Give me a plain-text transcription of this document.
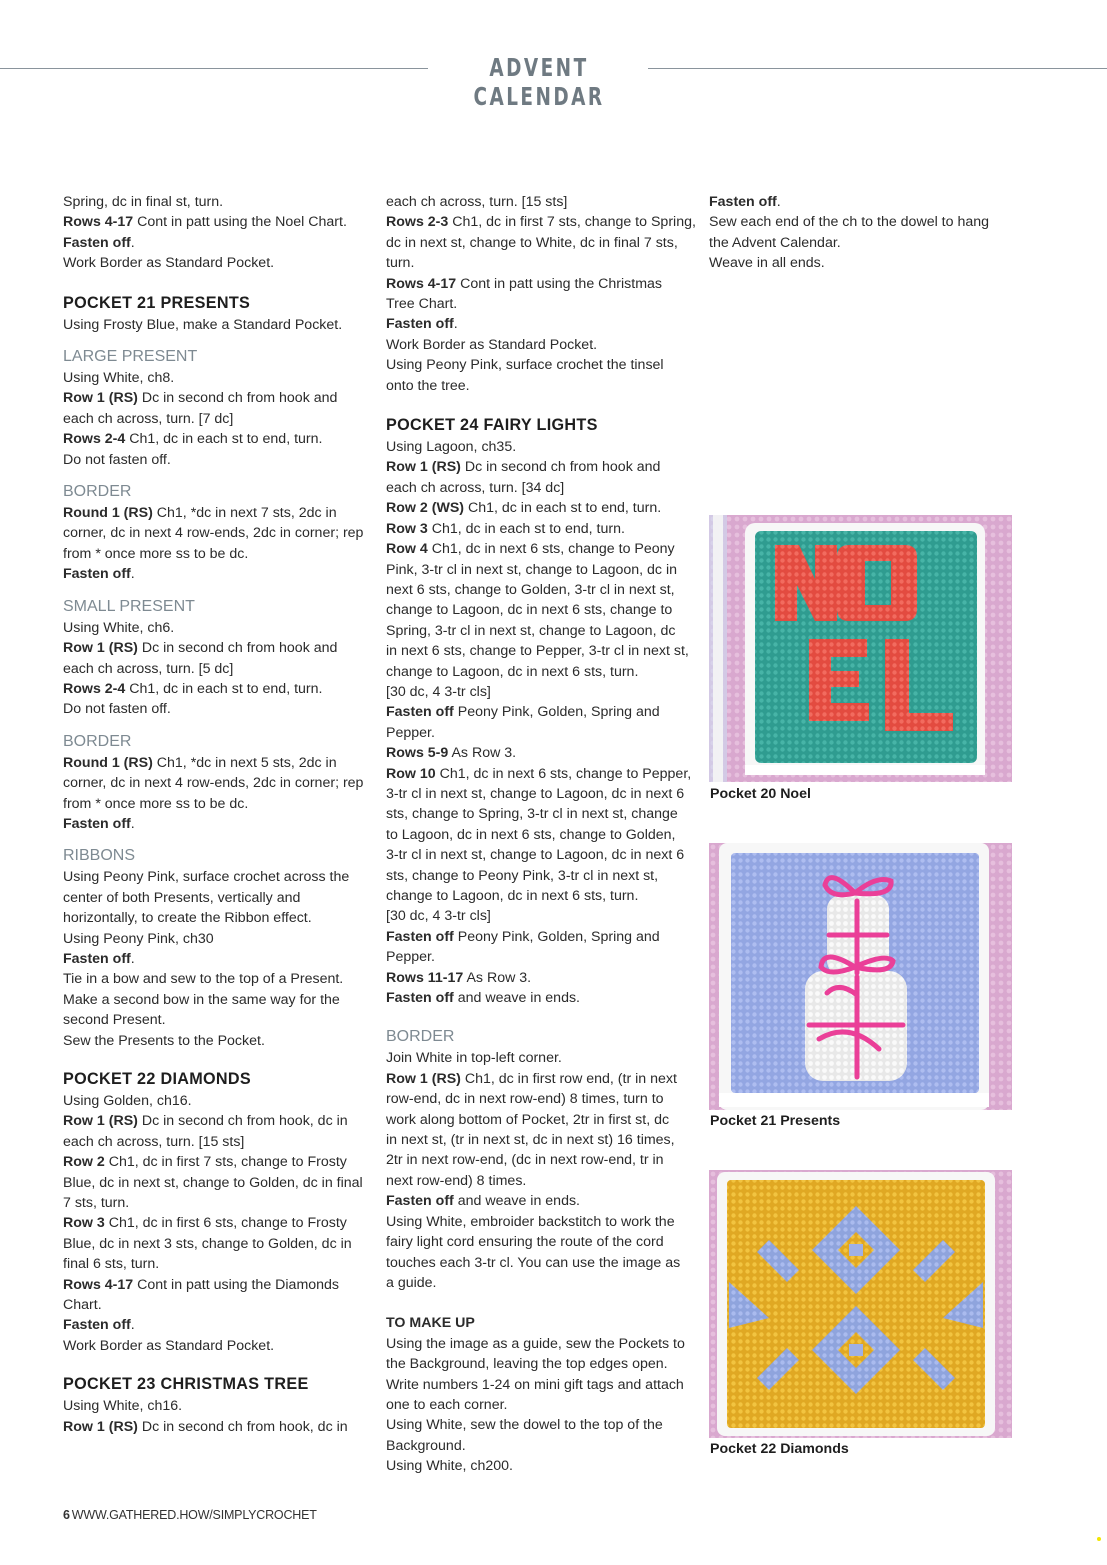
ADVENT CALENDAR
Spring, dc in final st, turn.
Rows 4-17 Cont in patt using the Noel Chart.
Fasten off.
Work Border as Standard Pocket.
POCKET 21 PRESENTS
Using Frosty Blue, make a Standard Pocket.
LARGE PRESENT
Using White, ch8.
Row 1 (RS) Dc in second ch from hook and
each ch across, turn. [7 dc]
Rows 2-4 Ch1, dc in each st to end, turn.
Do not fasten off.
BORDER
Round 1 (RS) Ch1, *dc in next 7 sts, 2dc in
corner, dc in next 4 row-ends, 2dc in corner; rep
from * once more ss to be dc.
Fasten off.
SMALL PRESENT
Using White, ch6.
Row 1 (RS) Dc in second ch from hook and
each ch across, turn. [5 dc]
Rows 2-4 Ch1, dc in each st to end, turn.
Do not fasten off.
BORDER
Round 1 (RS) Ch1, *dc in next 5 sts, 2dc in
corner, dc in next 4 row-ends, 2dc in corner; rep
from * once more ss to be dc.
Fasten off.
RIBBONS
Using Peony Pink, surface crochet across the
center of both Presents, vertically and
horizontally, to create the Ribbon effect.
Using Peony Pink, ch30
Fasten off.
Tie in a bow and sew to the top of a Present.
Make a second bow in the same way for the
second Present.
Sew the Presents to the Pocket.
POCKET 22 DIAMONDS
Using Golden, ch16.
Row 1 (RS) Dc in second ch from hook, dc in
each ch across, turn. [15 sts]
Row 2 Ch1, dc in first 7 sts, change to Frosty
Blue, dc in next st, change to Golden, dc in final
7 sts, turn.
Row 3 Ch1, dc in first 6 sts, change to Frosty
Blue, dc in next 3 sts, change to Golden, dc in
final 6 sts, turn.
Rows 4-17 Cont in patt using the Diamonds
Chart.
Fasten off.
Work Border as Standard Pocket.
POCKET 23 CHRISTMAS TREE
Using White, ch16.
Row 1 (RS) Dc in second ch from hook, dc in
each ch across, turn. [15 sts]
Rows 2-3 Ch1, dc in first 7 sts, change to Spring,
dc in next st, change to White, dc in final 7 sts,
turn.
Rows 4-17 Cont in patt using the Christmas
Tree Chart.
Fasten off.
Work Border as Standard Pocket.
Using Peony Pink, surface crochet the tinsel
onto the tree.
POCKET 24 FAIRY LIGHTS
Using Lagoon, ch35.
Row 1 (RS) Dc in second ch from hook and
each ch across, turn. [34 dc]
Row 2 (WS) Ch1, dc in each st to end, turn.
Row 3 Ch1, dc in each st to end, turn.
Row 4 Ch1, dc in next 6 sts, change to Peony
Pink, 3-tr cl in next st, change to Lagoon, dc in
next 6 sts, change to Golden, 3-tr cl in next st,
change to Lagoon, dc in next 6 sts, change to
Spring, 3-tr cl in next st, change to Lagoon, dc
in next 6 sts, change to Pepper, 3-tr cl in next st,
change to Lagoon, dc in next 6 sts, turn.
[30 dc, 4 3-tr cls]
Fasten off Peony Pink, Golden, Spring and
Pepper.
Rows 5-9 As Row 3.
Row 10 Ch1, dc in next 6 sts, change to Pepper,
3-tr cl in next st, change to Lagoon, dc in next 6
sts, change to Spring, 3-tr cl in next st, change
to Lagoon, dc in next 6 sts, change to Golden,
3-tr cl in next st, change to Lagoon, dc in next 6
sts, change to Peony Pink, 3-tr cl in next st,
change to Lagoon, dc in next 6 sts, turn.
[30 dc, 4 3-tr cls]
Fasten off Peony Pink, Golden, Spring and
Pepper.
Rows 11-17 As Row 3.
Fasten off and weave in ends.
BORDER
Join White in top-left corner.
Row 1 (RS) Ch1, dc in first row end, (tr in next
row-end, dc in next row-end) 8 times, turn to
work along bottom of Pocket, 2tr in first st, dc
in next st, (tr in next st, dc in next st) 16 times,
2tr in next row-end, (dc in next row-end, tr in
next row-end) 8 times.
Fasten off and weave in ends.
Using White, embroider backstitch to work the
fairy light cord ensuring the route of the cord
touches each 3-tr cl. You can use the image as
a guide.
TO MAKE UP
Using the image as a guide, sew the Pockets to
the Background, leaving the top edges open.
Write numbers 1-24 on mini gift tags and attach
one to each corner.
Using White, sew the dowel to the top of the
Background.
Using White, ch200.
Fasten off.
Sew each end of the ch to the dowel to hang
the Advent Calendar.
Weave in all ends.
Pocket 20 Noel
Pocket 21 Presents
Pocket 22 Diamonds
6 WWW.GATHERED.HOW/SIMPLYCROCHET
